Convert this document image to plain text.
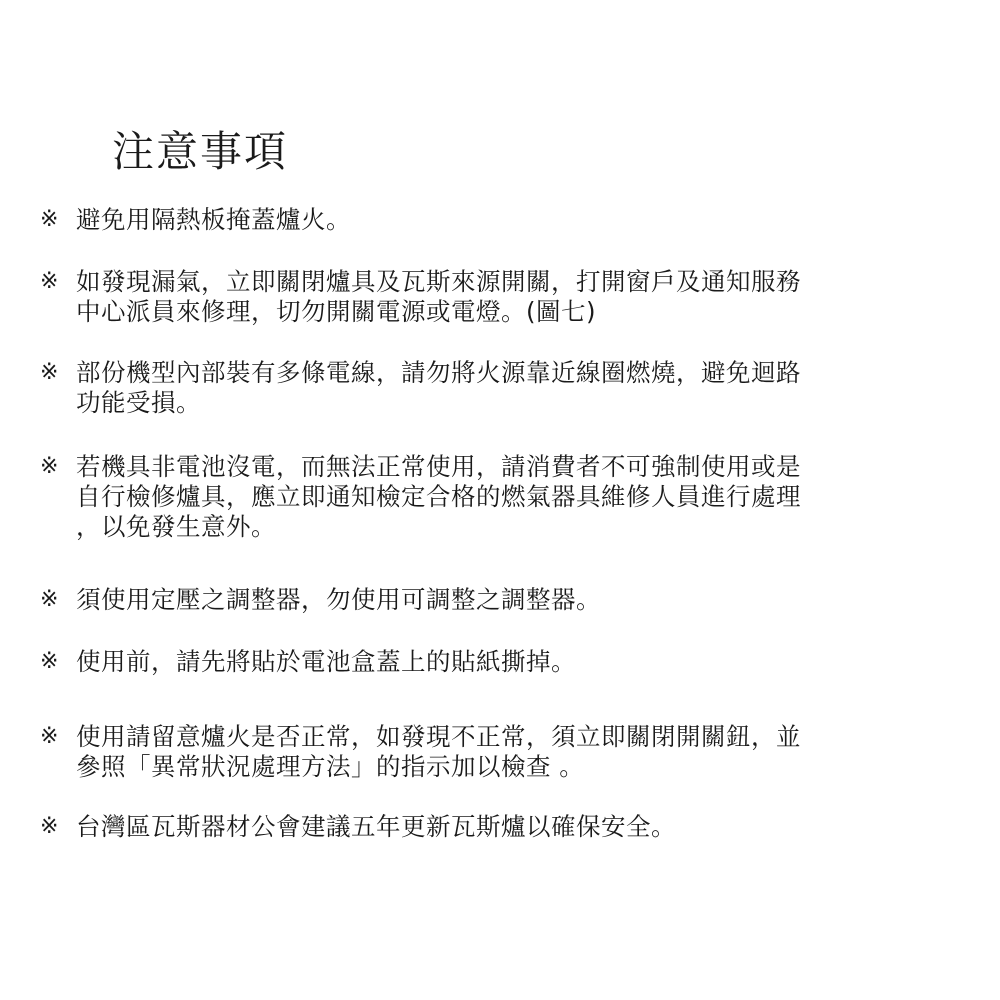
注意事項
※ 避免用隔熱板掩蓋爐火。
※ 如發現漏氣，立即關閉爐具及瓦斯來源開關，打開窗戶及通知服務
中心派員來修理，切勿開關電源或電燈。(圖七)
※ 部份機型內部裝有多條電線，請勿將火源靠近線圈燃燒，避免迴路
功能受損。
※ 若機具非電池沒電，而無法正常使用，請消費者不可強制使用或是
自行檢修爐具，應立即通知檢定合格的燃氣器具維修人員進行處理
，以免發生意外。
※ 須使用定壓之調整器，勿使用可調整之調整器。
※ 使用前，請先將貼於電池盒蓋上的貼紙撕掉。
※ 使用請留意爐火是否正常，如發現不正常，須立即關閉開關鈕，並
參照「異常狀況處理方法」的指示加以檢查 。
※ 台灣區瓦斯器材公會建議五年更新瓦斯爐以確保安全。
